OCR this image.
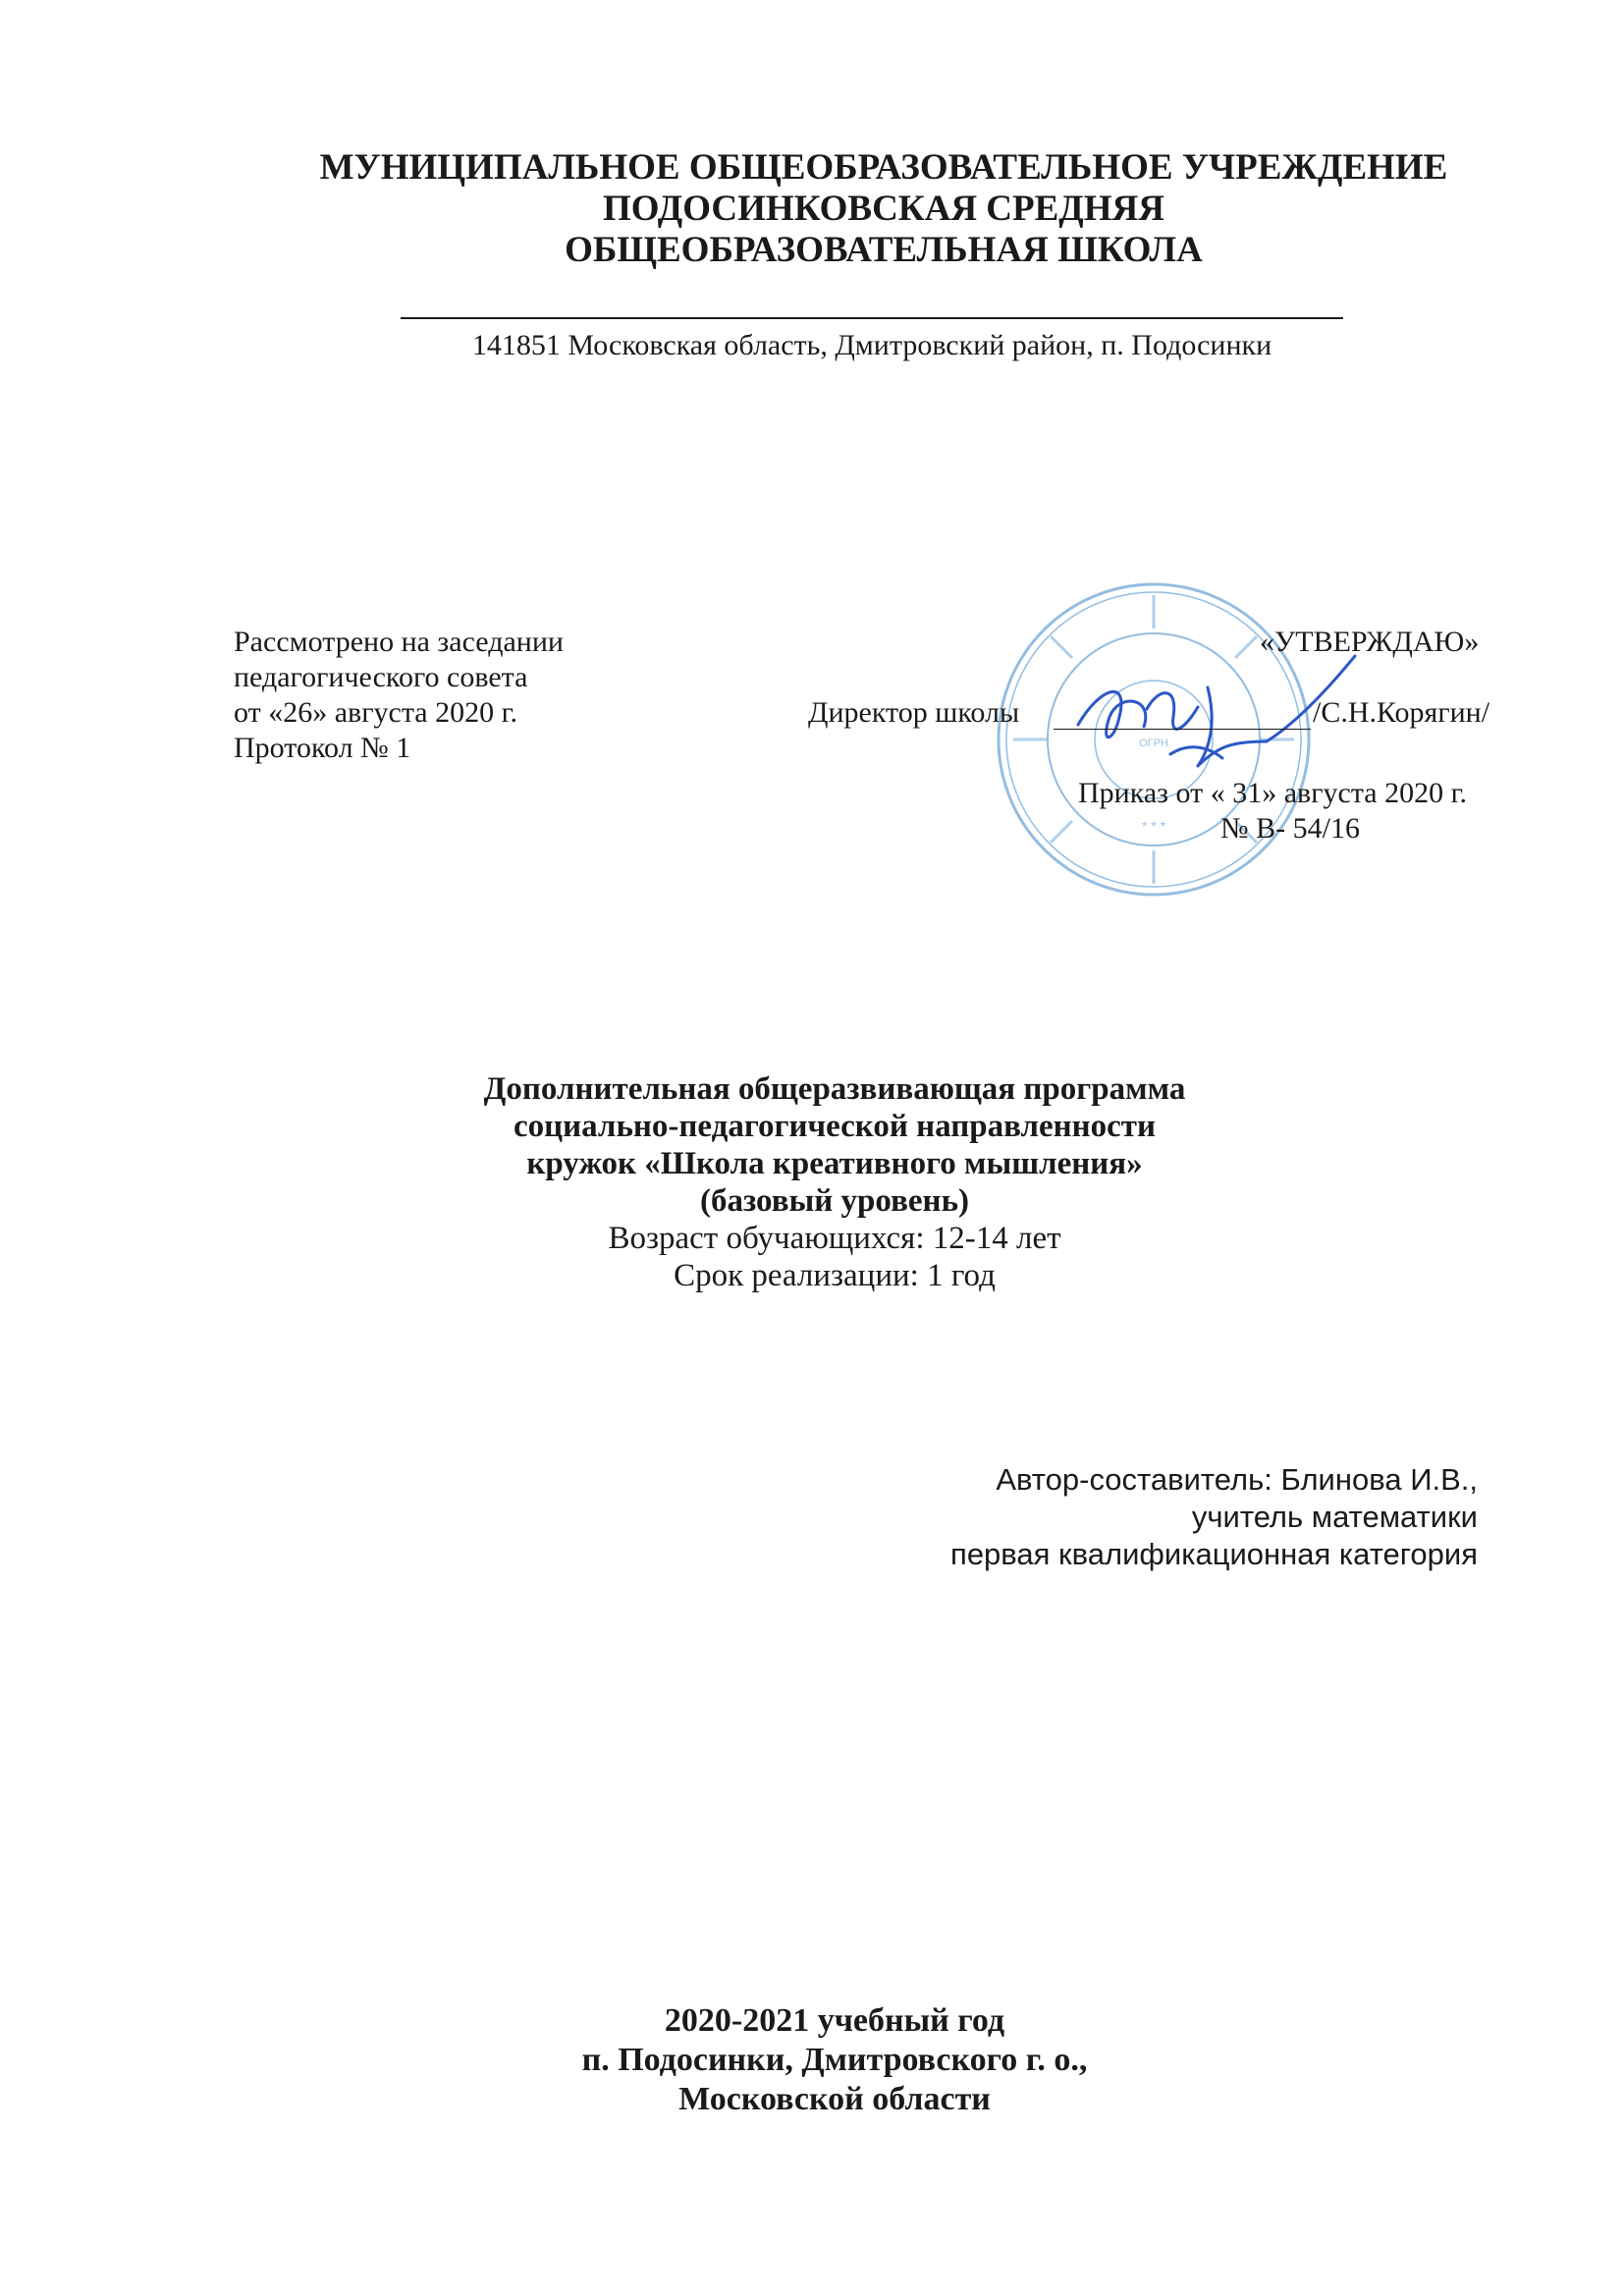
МУНИЦИПАЛЬНОЕ ОБЩЕОБРАЗОВАТЕЛЬНОЕ УЧРЕЖДЕНИЕ
ПОДОСИНКОВСКАЯ СРЕДНЯЯ
ОБЩЕОБРАЗОВАТЕЛЬНАЯ ШКОЛА
141851 Московская область, Дмитровский район, п. Подосинки
Рассмотрено на заседании
педагогического совета
от «26» августа 2020 г.
Протокол № 1
* * *
ОГРН
«УТВЕРЖДАЮ»
Директор школы	/С.Н.Корягин/
Приказ от « 31» августа 2020 г.
№ В- 54/16
Дополнительная общеразвивающая программа
социально-педагогической направленности
кружок «Школа креативного мышления»
(базовый уровень)
Возраст обучающихся: 12-14 лет
Срок реализации: 1 год
Автор-составитель: Блинова И.В.,
учитель математики
первая квалификационная категория
2020-2021 учебный год
п. Подосинки, Дмитровского г. о.,
Московской области
